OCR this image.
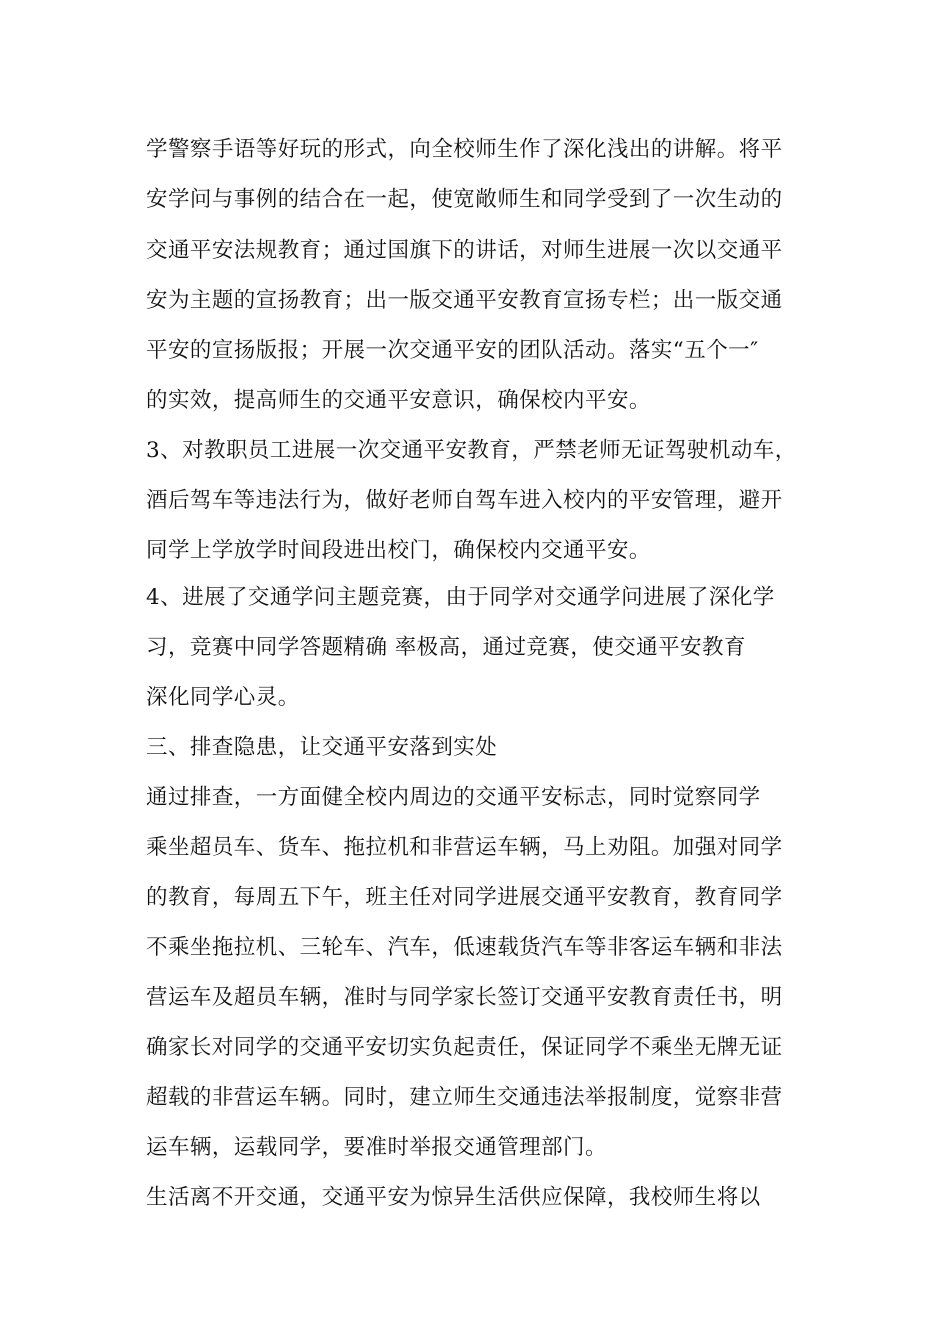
学警察手语等好玩的形式，向全校师生作了深化浅出的讲解。将平
安学问与事例的结合在一起，使宽敞师生和同学受到了一次生动的
交通平安法规教育；通过国旗下的讲话，对师生进展一次以交通平
安为主题的宣扬教育；出一版交通平安教育宣扬专栏；出一版交通
平安的宣扬版报；开展一次交通平安的团队活动。落实“五个一″
的实效，提高师生的交通平安意识，确保校内平安。
3、对教职员工进展一次交通平安教育，严禁老师无证驾驶机动车，
酒后驾车等违法行为，做好老师自驾车进入校内的平安管理，避开
同学上学放学时间段进出校门，确保校内交通平安。
4、进展了交通学问主题竞赛，由于同学对交通学问进展了深化学
习，竞赛中同学答题精确 率极高，通过竞赛，使交通平安教育
深化同学心灵。
三、排查隐患，让交通平安落到实处
通过排查，一方面健全校内周边的交通平安标志，同时觉察同学
乘坐超员车、货车、拖拉机和非营运车辆，马上劝阻。加强对同学
的教育，每周五下午，班主任对同学进展交通平安教育，教育同学
不乘坐拖拉机、三轮车、汽车，低速载货汽车等非客运车辆和非法
营运车及超员车辆，准时与同学家长签订交通平安教育责任书，明
确家长对同学的交通平安切实负起责任，保证同学不乘坐无牌无证
超载的非营运车辆。同时，建立师生交通违法举报制度，觉察非营
运车辆，运载同学，要准时举报交通管理部门。
生活离不开交通，交通平安为惊异生活供应保障，我校师生将以
